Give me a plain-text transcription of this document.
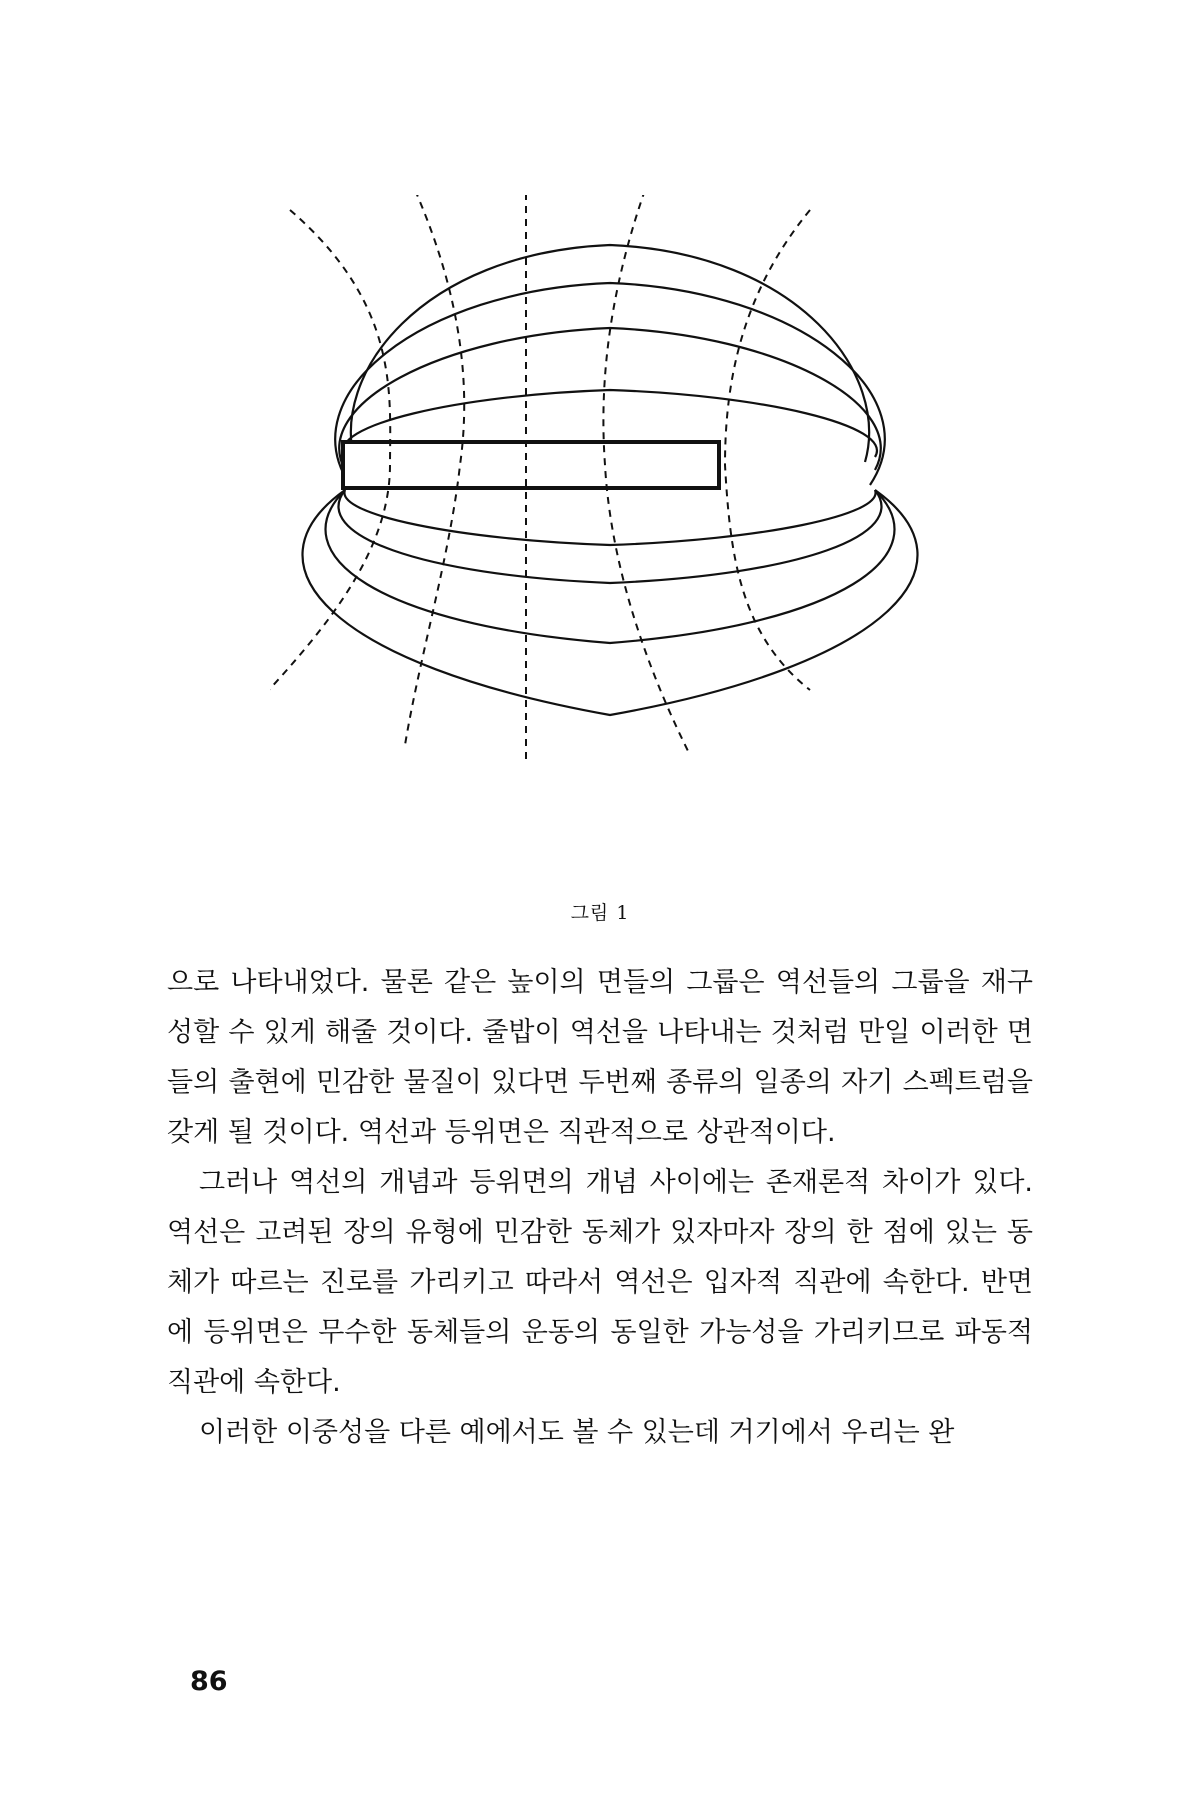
그림 1

으로 나타내었다. 물론 같은 높이의 면들의 그룹은 역선들의 그룹을 재구성할 수 있게 해줄 것이다. 줄밥이 역선을 나타내는 것처럼 만일 이러한 면들의 출현에 민감한 물질이 있다면 두번째 종류의 일종의 자기 스펙트럼을 갖게 될 것이다. 역선과 등위면은 직관적으로 상관적이다.

그러나 역선의 개념과 등위면의 개념 사이에는 존재론적 차이가 있다. 역선은 고려된 장의 유형에 민감한 동체가 있자마자 장의 한 점에 있는 동체가 따르는 진로를 가리키고 따라서 역선은 입자적 직관에 속한다. 반면에 등위면은 무수한 동체들의 운동의 동일한 가능성을 가리키므로 파동적 직관에 속한다.

이러한 이중성을 다른 예에서도 볼 수 있는데 거기에서 우리는 완

86
